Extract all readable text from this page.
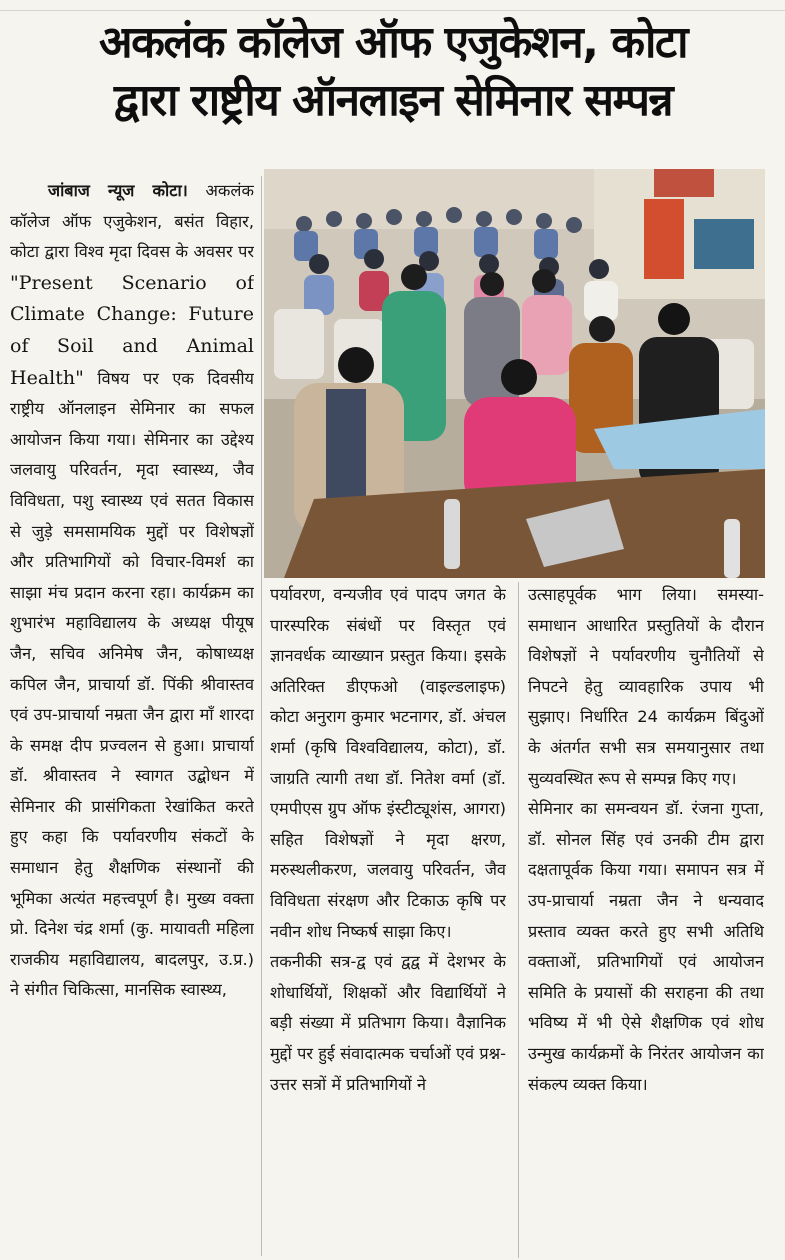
अकलंक कॉलेज ऑफ एजुकेशन, कोटा
द्वारा राष्ट्रीय ऑनलाइन सेमिनार सम्पन्न

जांबाज न्यूज कोटा। अकलंक कॉलेज ऑफ एजुकेशन, बसंत विहार, कोटा द्वारा विश्व मृदा दिवस के अवसर पर "Present Scenario of Climate Change: Future of Soil and Animal Health" विषय पर एक दिवसीय राष्ट्रीय ऑनलाइन सेमिनार का सफल आयोजन किया गया। सेमिनार का उद्देश्य जलवायु परिवर्तन, मृदा स्वास्थ्य, जैव विविधता, पशु स्वास्थ्य एवं सतत विकास से जुड़े समसामयिक मुद्दों पर विशेषज्ञों और प्रतिभागियों को विचार-विमर्श का साझा मंच प्रदान करना रहा। कार्यक्रम का शुभारंभ महाविद्यालय के अध्यक्ष पीयूष जैन, सचिव अनिमेष जैन, कोषाध्यक्ष कपिल जैन, प्राचार्या डॉ. पिंकी श्रीवास्तव एवं उप-प्राचार्या नम्रता जैन द्वारा माँ शारदा के समक्ष दीप प्रज्वलन से हुआ। प्राचार्या डॉ. श्रीवास्तव ने स्वागत उद्बोधन में सेमिनार की प्रासंगिकता रेखांकित करते हुए कहा कि पर्यावरणीय संकटों के समाधान हेतु शैक्षणिक संस्थानों की भूमिका अत्यंत महत्त्वपूर्ण है। मुख्य वक्ता प्रो. दिनेश चंद्र शर्मा (कु. मायावती महिला राजकीय महाविद्यालय, बादलपुर, उ.प्र.) ने संगीत चिकित्सा, मानसिक स्वास्थ्य,

पर्यावरण, वन्यजीव एवं पादप जगत के पारस्परिक संबंधों पर विस्तृत एवं ज्ञानवर्धक व्याख्यान प्रस्तुत किया। इसके अतिरिक्त डीएफओ (वाइल्डलाइफ) कोटा अनुराग कुमार भटनागर, डॉ. अंचल शर्मा (कृषि विश्वविद्यालय, कोटा), डॉ. जाग्रति त्यागी तथा डॉ. नितेश वर्मा (डॉ. एमपीएस ग्रुप ऑफ इंस्टीट्यूशंस, आगरा) सहित विशेषज्ञों ने मृदा क्षरण, मरुस्थलीकरण, जलवायु परिवर्तन, जैव विविधता संरक्षण और टिकाऊ कृषि पर नवीन शोध निष्कर्ष साझा किए।

तकनीकी सत्र-द्व एवं द्वद्व में देशभर के शोधार्थियों, शिक्षकों और विद्यार्थियों ने बड़ी संख्या में प्रतिभाग किया। वैज्ञानिक मुद्दों पर हुई संवादात्मक चर्चाओं एवं प्रश्न-उत्तर सत्रों में प्रतिभागियों ने

उत्साहपूर्वक भाग लिया। समस्या-समाधान आधारित प्रस्तुतियों के दौरान विशेषज्ञों ने पर्यावरणीय चुनौतियों से निपटने हेतु व्यावहारिक उपाय भी सुझाए। निर्धारित 24 कार्यक्रम बिंदुओं के अंतर्गत सभी सत्र समयानुसार तथा सुव्यवस्थित रूप से सम्पन्न किए गए।

सेमिनार का समन्वयन डॉ. रंजना गुप्ता, डॉ. सोनल सिंह एवं उनकी टीम द्वारा दक्षतापूर्वक किया गया। समापन सत्र में उप-प्राचार्या नम्रता जैन ने धन्यवाद प्रस्ताव व्यक्त करते हुए सभी अतिथि वक्ताओं, प्रतिभागियों एवं आयोजन समिति के प्रयासों की सराहना की तथा भविष्य में भी ऐसे शैक्षणिक एवं शोध उन्मुख कार्यक्रमों के निरंतर आयोजन का संकल्प व्यक्त किया।
